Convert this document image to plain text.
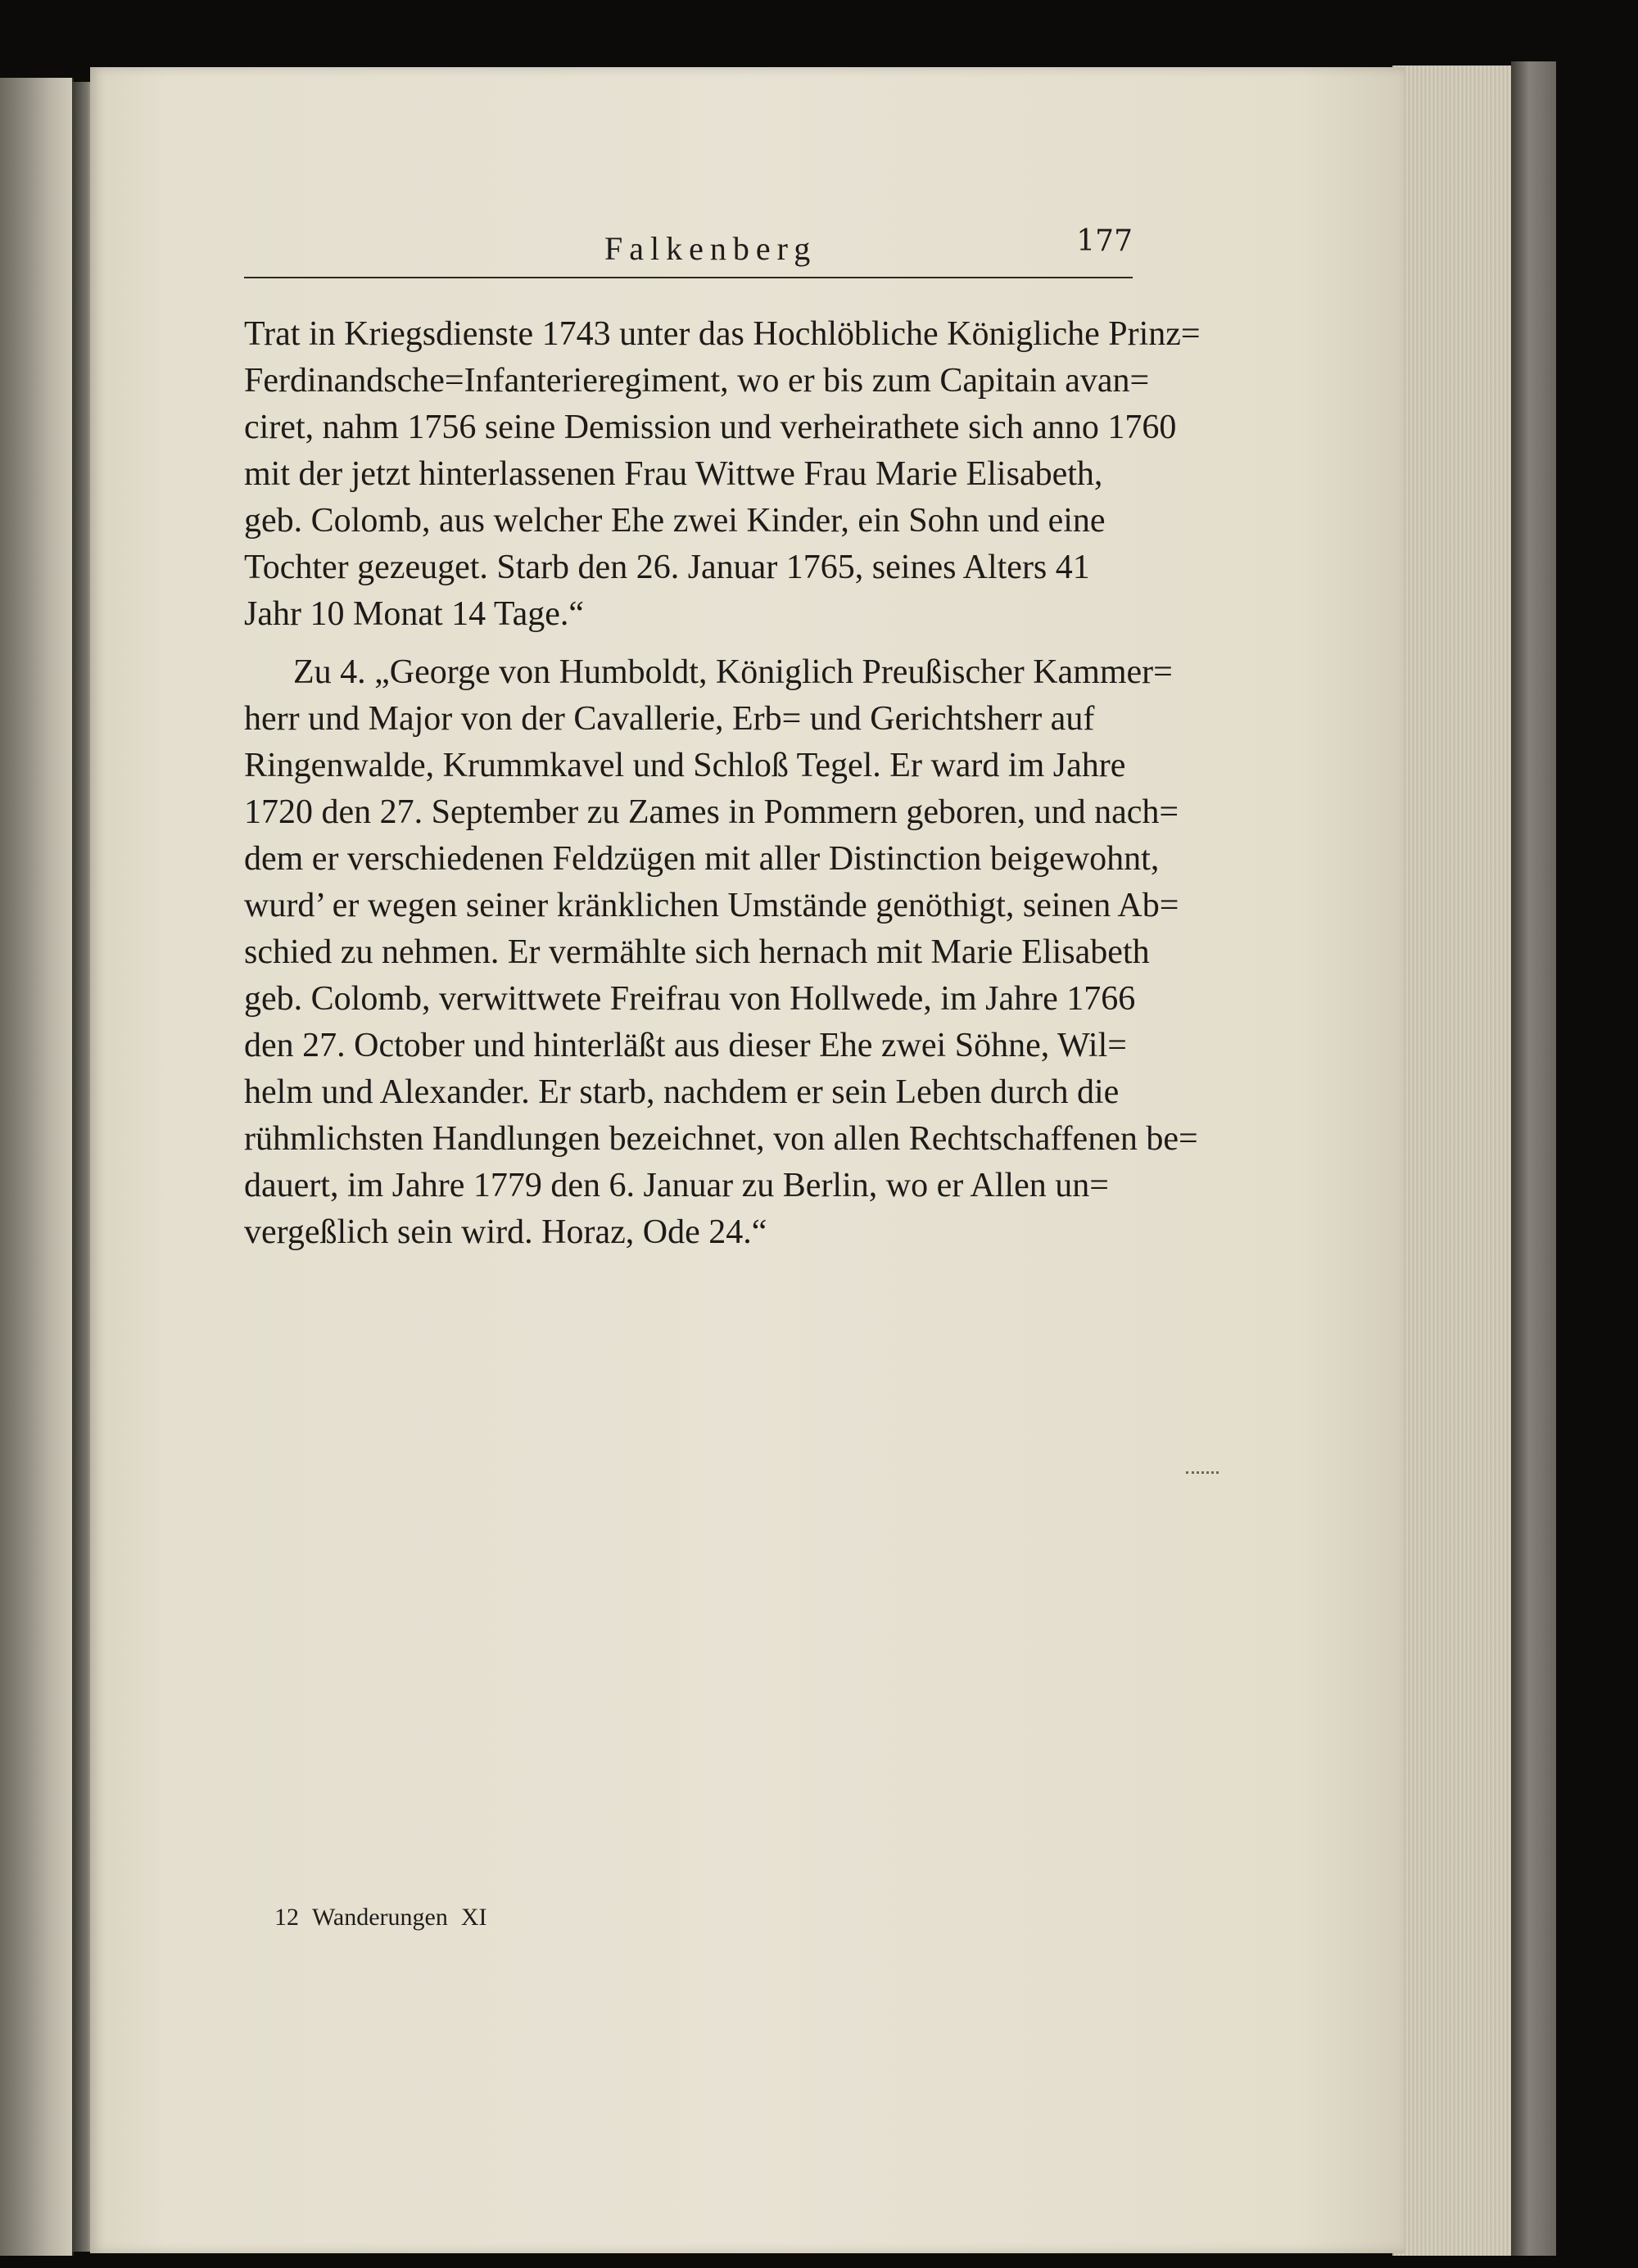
Falkenberg	177

Trat in Kriegsdienste 1743 unter das Hochlöbliche Königliche Prinz=

Ferdinandsche=Infanterieregiment, wo er bis zum Capitain avan=

ciret, nahm 1756 seine Demission und verheirathete sich anno 1760

mit der jetzt hinterlassenen Frau Wittwe Frau Marie Elisabeth,

geb. Colomb, aus welcher Ehe zwei Kinder, ein Sohn und eine

Tochter gezeuget. Starb den 26. Januar 1765, seines Alters 41

Jahr 10 Monat 14 Tage.“

Zu 4. „George von Humboldt, Königlich Preußischer Kammer=

herr und Major von der Cavallerie, Erb= und Gerichtsherr auf

Ringenwalde, Krummkavel und Schloß Tegel. Er ward im Jahre

1720 den 27. September zu Zames in Pommern geboren, und nach=

dem er verschiedenen Feldzügen mit aller Distinction beigewohnt,

wurd’ er wegen seiner kränklichen Umstände genöthigt, seinen Ab=

schied zu nehmen. Er vermählte sich hernach mit Marie Elisabeth

geb. Colomb, verwittwete Freifrau von Hollwede, im Jahre 1766

den 27. October und hinterläßt aus dieser Ehe zwei Söhne, Wil=

helm und Alexander. Er starb, nachdem er sein Leben durch die

rühmlichsten Handlungen bezeichnet, von allen Rechtschaffenen be=

dauert, im Jahre 1779 den 6. Januar zu Berlin, wo er Allen un=

vergeßlich sein wird. Horaz, Ode 24.“

12 Wanderungen XI
